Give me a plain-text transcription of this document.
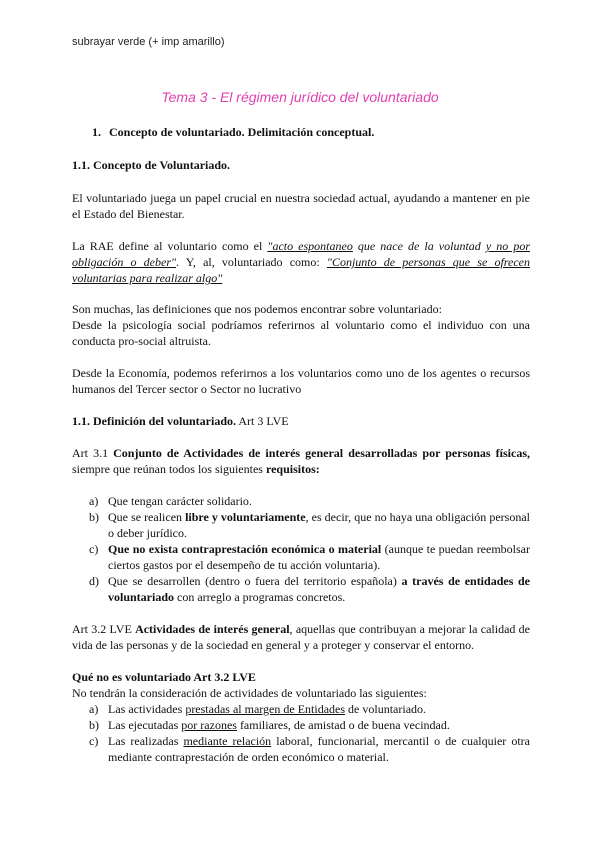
subrayar verde (+ imp amarillo)
Tema 3 - El régimen jurídico del voluntariado

1. Concepto de voluntariado. Delimitación conceptual.

1.1. Concepto de Voluntariado.

El voluntariado juega un papel crucial en nuestra sociedad actual, ayudando a mantener en pie el Estado del Bienestar.

La RAE define al voluntario como el "acto espontaneo que nace de la voluntad y no por obligación o deber". Y, al, voluntariado como: "Conjunto de personas que se ofrecen voluntarias para realizar algo"

Son muchas, las definiciones que nos podemos encontrar sobre voluntariado:
Desde la psicología social podríamos referirnos al voluntario como el individuo con una conducta pro-social altruista.

Desde la Economía, podemos referirnos a los voluntarios como uno de los agentes o recursos humanos del Tercer sector o Sector no lucrativo

1.1. Definición del voluntariado. Art 3 LVE

Art 3.1 Conjunto de Actividades de interés general desarrolladas por personas físicas, siempre que reúnan todos los siguientes requisitos:

a) Que tengan carácter solidario.
b) Que se realicen libre y voluntariamente, es decir, que no haya una obligación personal o deber jurídico.
c) Que no exista contraprestación económica o material (aunque te puedan reembolsar ciertos gastos por el desempeño de tu acción voluntaria).
d) Que se desarrollen (dentro o fuera del territorio española) a través de entidades de voluntariado con arreglo a programas concretos.

Art 3.2 LVE Actividades de interés general, aquellas que contribuyan a mejorar la calidad de vida de las personas y de la sociedad en general y a proteger y conservar el entorno.

Qué no es voluntariado Art 3.2 LVE

No tendrán la consideración de actividades de voluntariado las siguientes:

a) Las actividades prestadas al margen de Entidades de voluntariado.
b) Las ejecutadas por razones familiares, de amistad o de buena vecindad.
c) Las realizadas mediante relación laboral, funcionarial, mercantil o de cualquier otra mediante contraprestación de orden económico o material.
